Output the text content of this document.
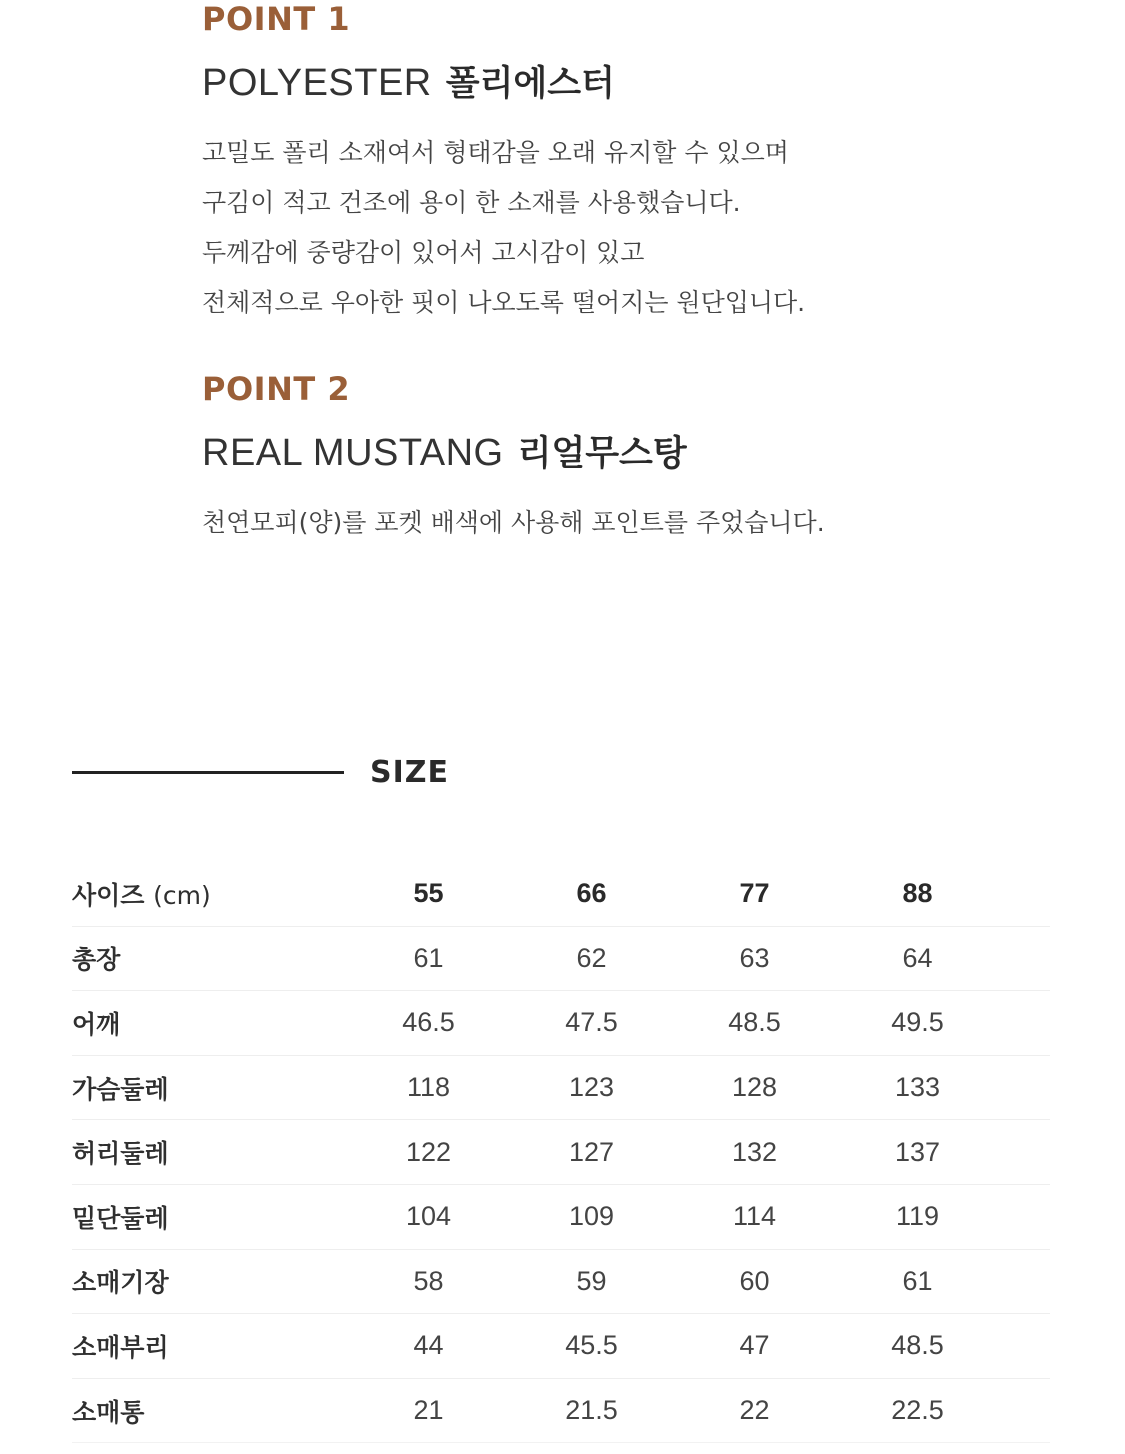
POINT 1
POLYESTER 폴리에스터

고밀도 폴리 소재여서 형태감을 오래 유지할 수 있으며
구김이 적고 건조에 용이 한 소재를 사용했습니다.
두께감에 중량감이 있어서 고시감이 있고
전체적으로 우아한 핏이 나오도록 떨어지는 원단입니다.

POINT 2
REAL MUSTANG 리얼무스탕

천연모피(양)를 포켓 배색에 사용해 포인트를 주었습니다.

SIZE
사이즈 (cm)	55	66	77	88
총장	61	62	63	64
어깨	46.5	47.5	48.5	49.5
가슴둘레	118	123	128	133
허리둘레	122	127	132	137
밑단둘레	104	109	114	119
소매기장	58	59	60	61
소매부리	44	45.5	47	48.5
소매통	21	21.5	22	22.5
